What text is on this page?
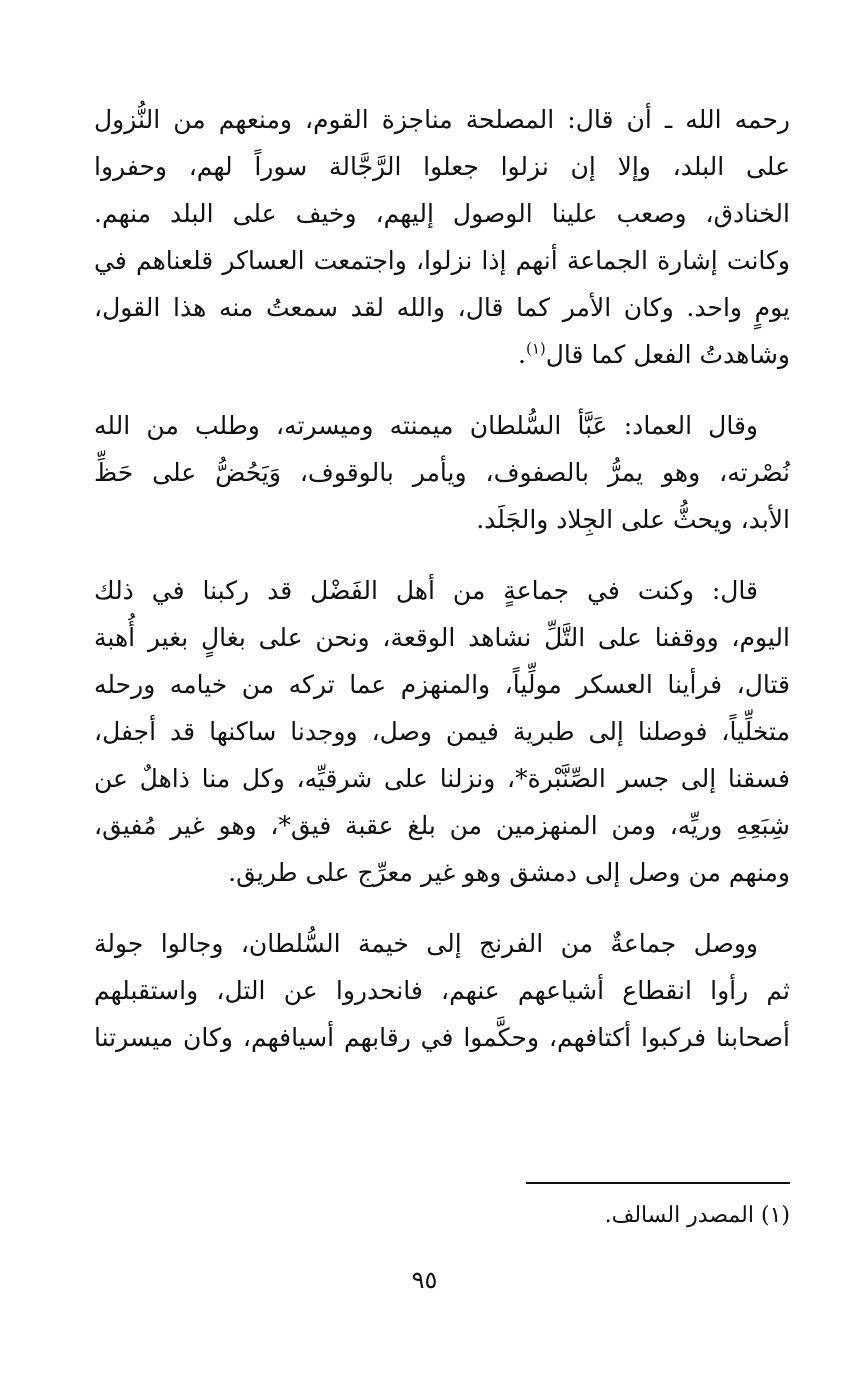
رحمه الله ـ أن قال: المصلحة مناجزة القوم، ومنعهم من النُّزول
على البلد، وإلا إن نزلوا جعلوا الرَّجَّالة سوراً لهم، وحفروا
الخنادق، وصعب علينا الوصول إليهم، وخيف على البلد منهم.
وكانت إشارة الجماعة أنهم إذا نزلوا، واجتمعت العساكر قلعناهم في
يومٍ واحد. وكان الأمر كما قال، والله لقد سمعتُ منه هذا القول،
وشاهدتُ الفعل كما قال$^{(١)}$.

وقال العماد: عَبَّأ السُّلطان ميمنته وميسرته، وطلب من الله
نُصْرته، وهو يمرُّ بالصفوف، ويأمر بالوقوف، وَيَحُضُّ على حَظِّ
الأبد، ويحثُّ على الجِلاد والجَلَد.

قال: وكنت في جماعةٍ من أهل الفَضْل قد ركبنا في ذلك
اليوم، ووقفنا على التَّلِّ نشاهد الوقعة، ونحن على بغالٍ بغير أُهبة
قتال، فرأينا العسكر مولِّياً، والمنهزم عما تركه من خيامه ورحله
متخلِّياً، فوصلنا إلى طبرية فيمن وصل، ووجدنا ساكنها قد أجفل،
فسقنا إلى جسر الصِّنَّبْرة*، ونزلنا على شرقيِّه، وكل منا ذاهلٌ عن
شِبَعِهِ وريِّه، ومن المنهزمين من بلغ عقبة فيق*، وهو غير مُفيق،
ومنهم من وصل إلى دمشق وهو غير معرِّج على طريق.

ووصل جماعةٌ من الفرنج إلى خيمة السُّلطان، وجالوا جولة
ثم رأوا انقطاع أشياعهم عنهم، فانحدروا عن التل، واستقبلهم
أصحابنا فركبوا أكتافهم، وحكَّموا في رقابهم أسيافهم، وكان ميسرتنا

(١) المصدر السالف.
٩٥
